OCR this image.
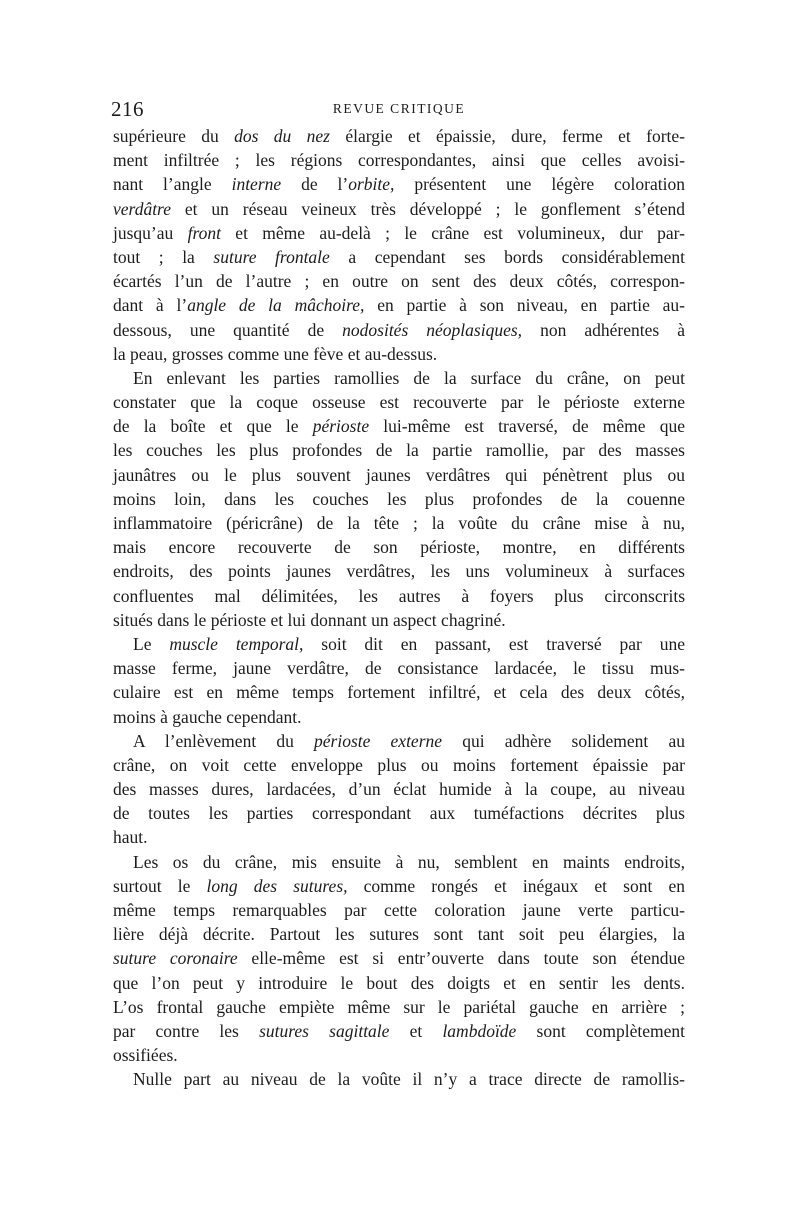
216	REVUE CRITIQUE
supérieure du dos du nez élargie et épaissie, dure, ferme et forte-
ment infiltrée ; les régions correspondantes, ainsi que celles avoisi-
nant l’angle interne de l’orbite, présentent une légère coloration
verdâtre et un réseau veineux très développé ; le gonflement s’étend
jusqu’au front et même au-delà ; le crâne est volumineux, dur par-
tout ; la suture frontale a cependant ses bords considérablement
écartés l’un de l’autre ; en outre on sent des deux côtés, correspon-
dant à l’angle de la mâchoire, en partie à son niveau, en partie au-
dessous, une quantité de nodosités néoplasiques, non adhérentes à
la peau, grosses comme une fève et au-dessus.
En enlevant les parties ramollies de la surface du crâne, on peut
constater que la coque osseuse est recouverte par le périoste externe
de la boîte et que le périoste lui-même est traversé, de même que
les couches les plus profondes de la partie ramollie, par des masses
jaunâtres ou le plus souvent jaunes verdâtres qui pénètrent plus ou
moins loin, dans les couches les plus profondes de la couenne
inflammatoire (péricrâne) de la tête ; la voûte du crâne mise à nu,
mais encore recouverte de son périoste, montre, en différents
endroits, des points jaunes verdâtres, les uns volumineux à surfaces
confluentes mal délimitées, les autres à foyers plus circonscrits
situés dans le périoste et lui donnant un aspect chagriné.
Le muscle temporal, soit dit en passant, est traversé par une
masse ferme, jaune verdâtre, de consistance lardacée, le tissu mus-
culaire est en même temps fortement infiltré, et cela des deux côtés,
moins à gauche cependant.
A l’enlèvement du périoste externe qui adhère solidement au
crâne, on voit cette enveloppe plus ou moins fortement épaissie par
des masses dures, lardacées, d’un éclat humide à la coupe, au niveau
de toutes les parties correspondant aux tuméfactions décrites plus
haut.
Les os du crâne, mis ensuite à nu, semblent en maints endroits,
surtout le long des sutures, comme rongés et inégaux et sont en
même temps remarquables par cette coloration jaune verte particu-
lière déjà décrite. Partout les sutures sont tant soit peu élargies, la
suture coronaire elle-même est si entr’ouverte dans toute son étendue
que l’on peut y introduire le bout des doigts et en sentir les dents.
L’os frontal gauche empiète même sur le pariétal gauche en arrière ;
par contre les sutures sagittale et lambdoïde sont complètement
ossifiées.
Nulle part au niveau de la voûte il n’y a trace directe de ramollis-
